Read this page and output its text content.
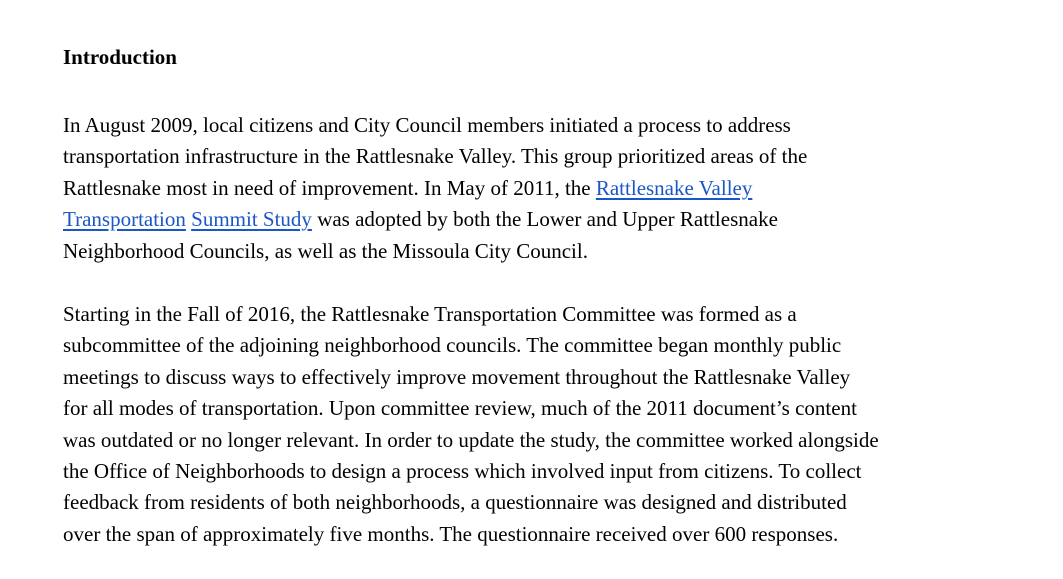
Introduction

In August 2009, local citizens and City Council members initiated a process to address
transportation infrastructure in the Rattlesnake Valley. This group prioritized areas of the
Rattlesnake most in need of improvement. In May of 2011, the Rattlesnake Valley
Transportation Summit Study was adopted by both the Lower and Upper Rattlesnake
Neighborhood Councils, as well as the Missoula City Council.

Starting in the Fall of 2016, the Rattlesnake Transportation Committee was formed as a
subcommittee of the adjoining neighborhood councils. The committee began monthly public
meetings to discuss ways to effectively improve movement throughout the Rattlesnake Valley
for all modes of transportation. Upon committee review, much of the 2011 document’s content
was outdated or no longer relevant. In order to update the study, the committee worked alongside
the Office of Neighborhoods to design a process which involved input from citizens. To collect
feedback from residents of both neighborhoods, a questionnaire was designed and distributed
over the span of approximately five months. The questionnaire received over 600 responses.
